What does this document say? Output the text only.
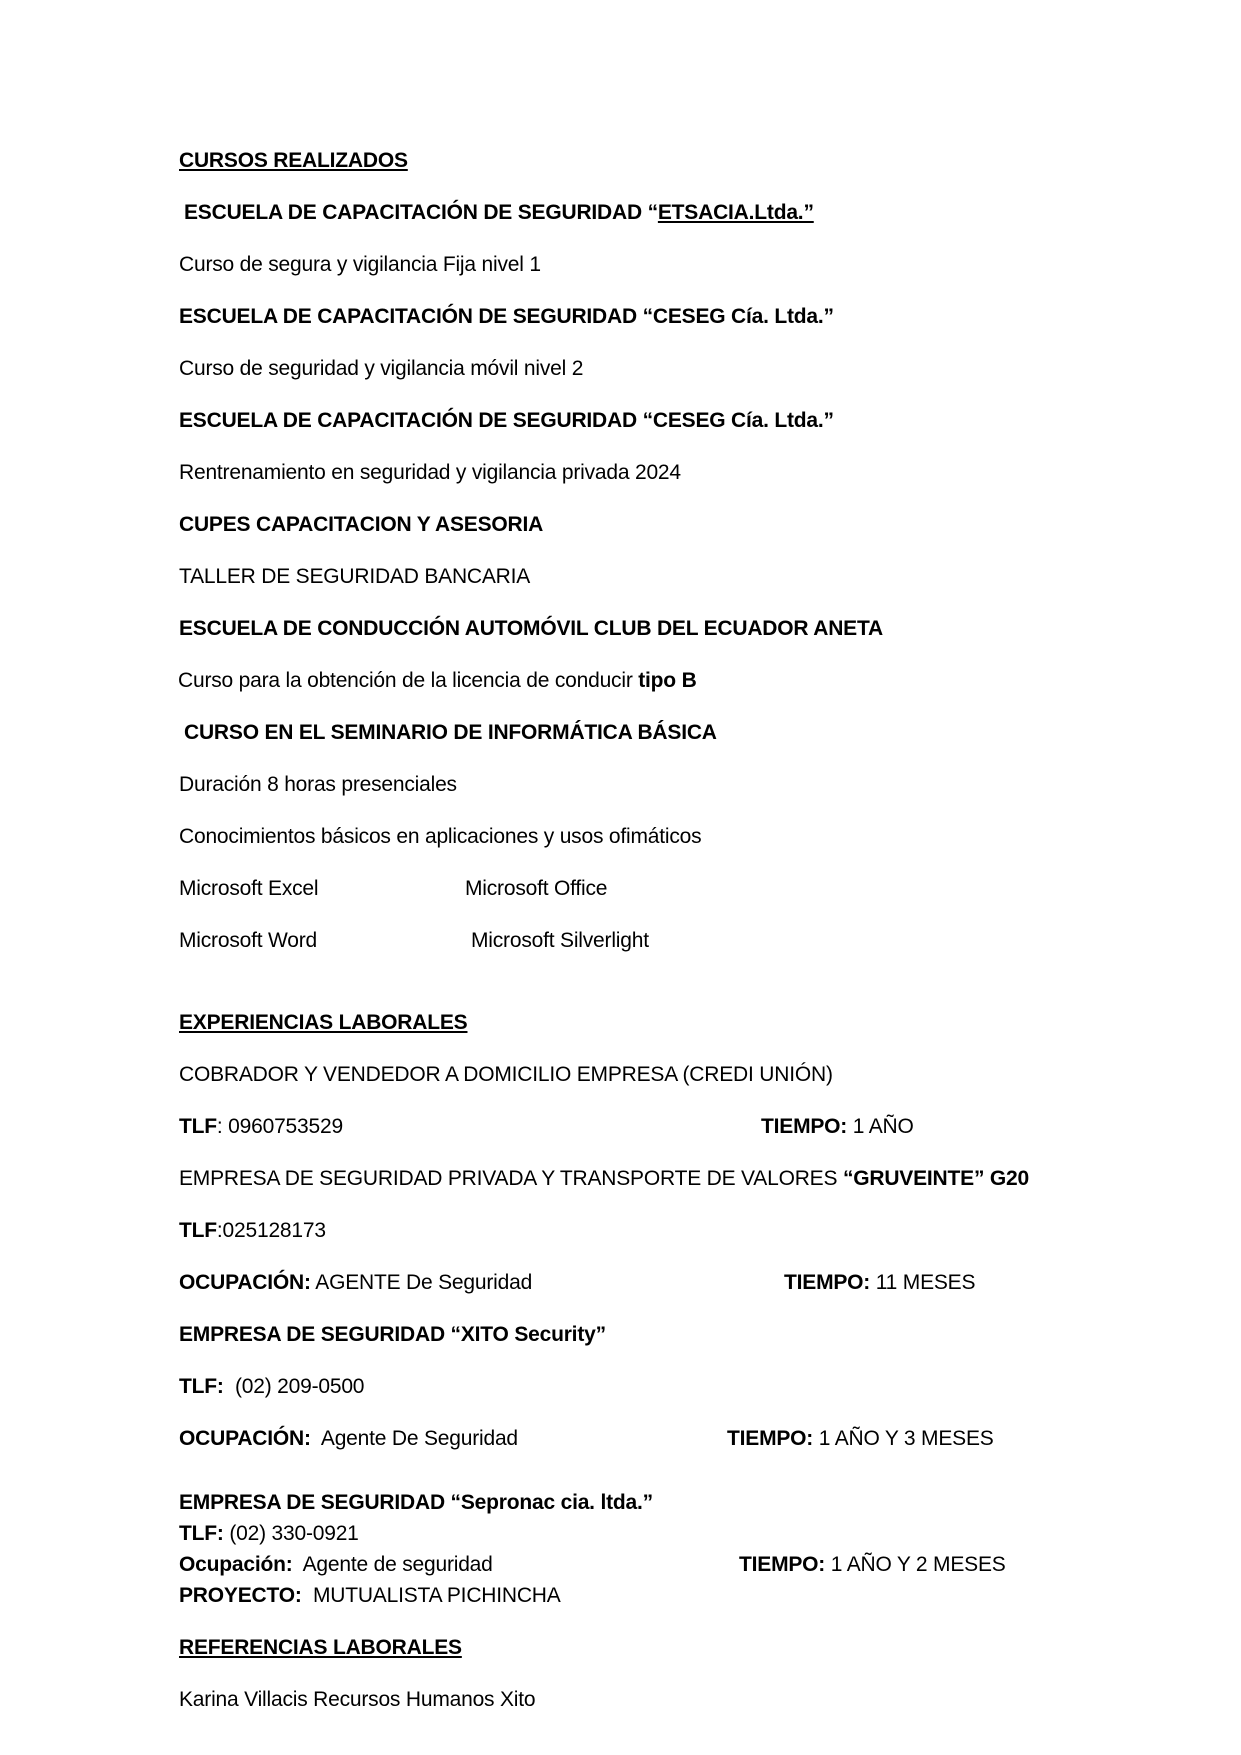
CURSOS REALIZADOS
ESCUELA DE CAPACITACIÓN DE SEGURIDAD “ETSACIA.Ltda.”
Curso de segura y vigilancia Fija nivel 1
ESCUELA DE CAPACITACIÓN DE SEGURIDAD “CESEG Cía. Ltda.”
Curso de seguridad y vigilancia móvil nivel 2
ESCUELA DE CAPACITACIÓN DE SEGURIDAD “CESEG Cía. Ltda.”
Rentrenamiento en seguridad y vigilancia privada 2024
CUPES CAPACITACION Y ASESORIA
TALLER DE SEGURIDAD BANCARIA
ESCUELA DE CONDUCCIÓN AUTOMÓVIL CLUB DEL ECUADOR ANETA
Curso para la obtención de la licencia de conducir tipo B
CURSO EN EL SEMINARIO DE INFORMÁTICA BÁSICA
Duración 8 horas presenciales
Conocimientos básicos en aplicaciones y usos ofimáticos
Microsoft Excel	Microsoft Office
Microsoft Word	Microsoft Silverlight
EXPERIENCIAS LABORALES
COBRADOR Y VENDEDOR A DOMICILIO EMPRESA (CREDI UNIÓN)
TLF: 0960753529	TIEMPO: 1 AÑO
EMPRESA DE SEGURIDAD PRIVADA Y TRANSPORTE DE VALORES “GRUVEINTE” G20
TLF:025128173
OCUPACIÓN: AGENTE De Seguridad	TIEMPO: 11 MESES
EMPRESA DE SEGURIDAD “XITO Security”
TLF:  (02) 209-0500
OCUPACIÓN:  Agente De Seguridad	TIEMPO: 1 AÑO Y 3 MESES
EMPRESA DE SEGURIDAD “Sepronac cia. ltda.”
TLF: (02) 330-0921
Ocupación:  Agente de seguridad	TIEMPO: 1 AÑO Y 2 MESES
PROYECTO:  MUTUALISTA PICHINCHA
REFERENCIAS LABORALES
Karina Villacis Recursos Humanos Xito
